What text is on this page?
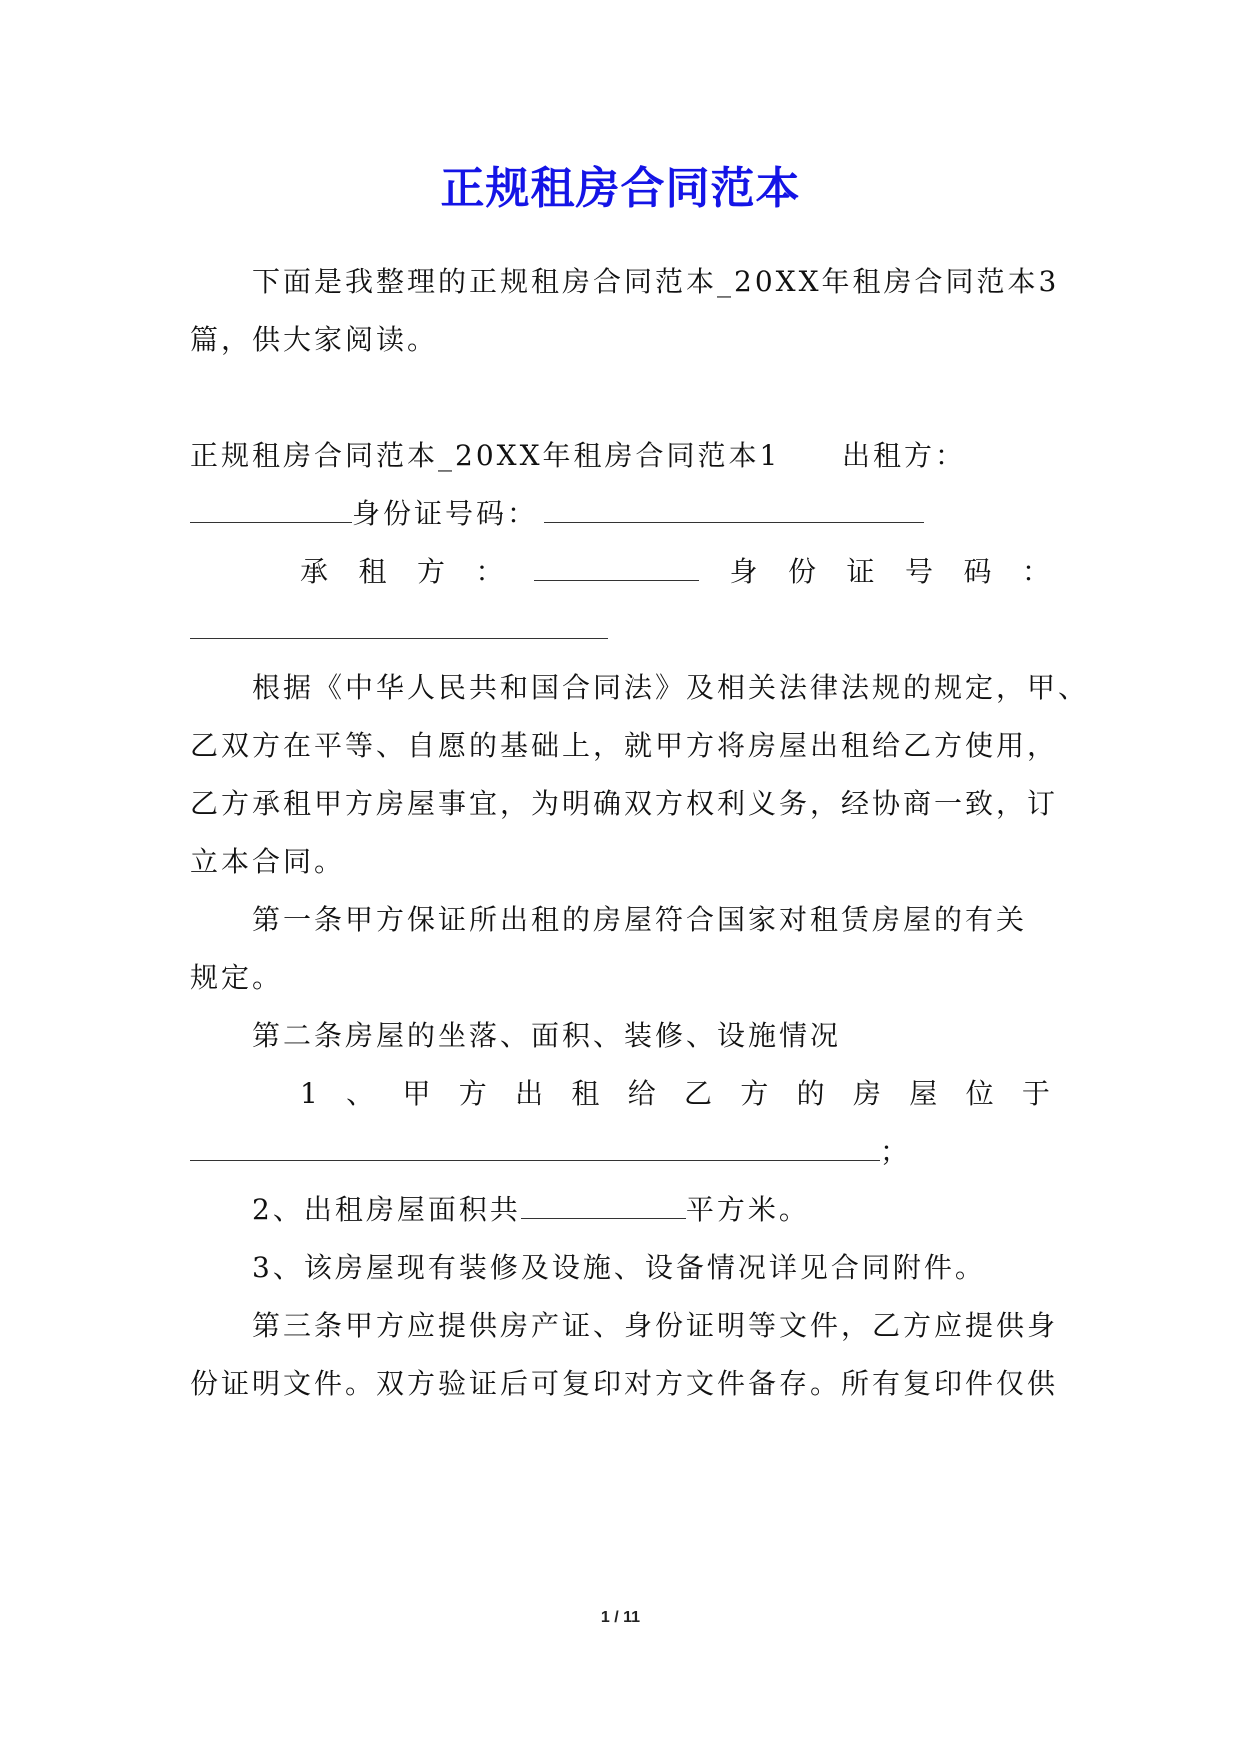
正规租房合同范本
下面是我整理的正规租房合同范本_20XX年租房合同范本3
篇，供大家阅读。
正规租房合同范本_20XX年租房合同范本1 出租方：
身份证号码：
承 租 方 ：	身 份 证 号 码 ：
根据《中华人民共和国合同法》及相关法律法规的规定，甲、
乙双方在平等、自愿的基础上，就甲方将房屋出租给乙方使用，
乙方承租甲方房屋事宜，为明确双方权利义务，经协商一致，订
立本合同。
第一条甲方保证所出租的房屋符合国家对租赁房屋的有关
规定。
第二条房屋的坐落、面积、装修、设施情况
1 、 甲 方 出 租 给 乙 方 的 房 屋 位 于
；
2、出租房屋面积共	平方米。
3、该房屋现有装修及设施、设备情况详见合同附件。
第三条甲方应提供房产证、身份证明等文件，乙方应提供身
份证明文件。双方验证后可复印对方文件备存。所有复印件仅供
1 / 11
